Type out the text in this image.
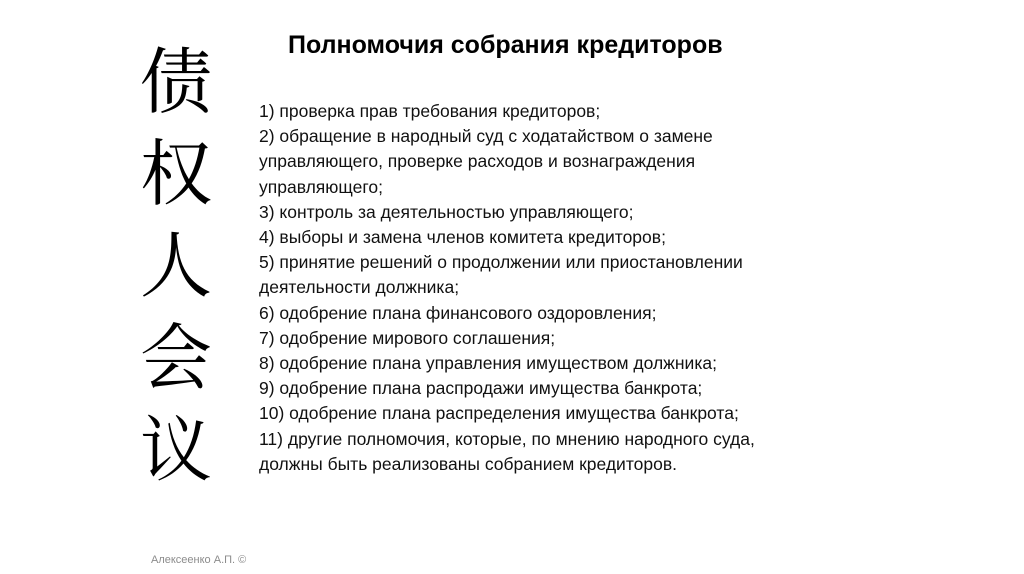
债
权
人
会
议
Полномочия собрания кредиторов
1) проверка прав требования кредиторов;
2) обращение в народный суд с ходатайством о замене
управляющего, проверке расходов и вознаграждения
управляющего;
3) контроль за деятельностью управляющего;
4) выборы и замена членов комитета кредиторов;
5) принятие решений о продолжении или приостановлении
деятельности должника;
6) одобрение плана финансового оздоровления;
7) одобрение мирового соглашения;
8) одобрение плана управления имуществом должника;
9) одобрение плана распродажи имущества банкрота;
10) одобрение плана распределения имущества банкрота;
11) другие полномочия, которые, по мнению народного суда,
должны быть реализованы собранием кредиторов.
Алексеенко А.П. ©
